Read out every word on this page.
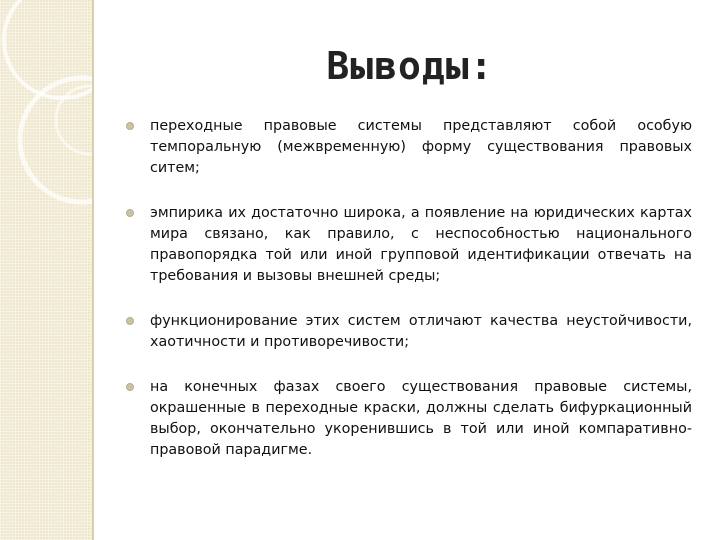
Выводы:
переходные правовые системы представляют собой особую темпоральную (межвременную) форму существования правовых ситем;
эмпирика их достаточно широка, а появление на юридических картах мира связано, как правило, с неспособностью национального правопорядка той или иной групповой идентификации отвечать на требования и вызовы внешней среды;
функционирование этих систем отличают качества неустойчивости, хаотичности и противоречивости;
на конечных фазах своего существования правовые системы, окрашенные в переходные краски, должны сделать бифуркационный выбор, окончательно укоренившись в той или иной компаративно-правовой парадигме.
